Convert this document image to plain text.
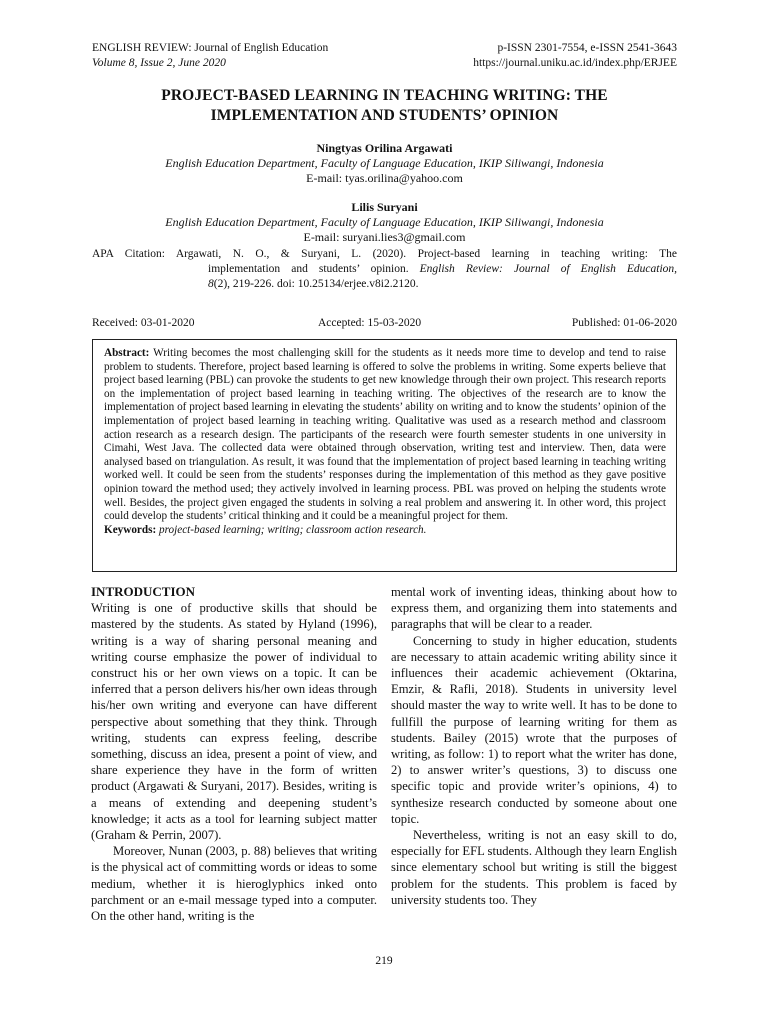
ENGLISH REVIEW: Journal of English Education
Volume 8, Issue 2, June 2020
p-ISSN 2301-7554, e-ISSN 2541-3643
https://journal.uniku.ac.id/index.php/ERJEE
PROJECT-BASED LEARNING IN TEACHING WRITING: THE
IMPLEMENTATION AND STUDENTS’ OPINION
Ningtyas Orilina Argawati
English Education Department, Faculty of Language Education, IKIP Siliwangi, Indonesia
E-mail: tyas.orilina@yahoo.com
Lilis Suryani
English Education Department, Faculty of Language Education, IKIP Siliwangi, Indonesia
E-mail: suryani.lies3@gmail.com
APA Citation: Argawati, N. O., & Suryani, L. (2020). Project-based learning in teaching writing: The
implementation and students’ opinion. English Review: Journal of English Education,
8(2), 219-226. doi: 10.25134/erjee.v8i2.2120.
Received: 03-01-2020	Accepted: 15-03-2020	Published: 01-06-2020
Abstract: Writing becomes the most challenging skill for the students as it needs more time to develop and tend to raise problem to students. Therefore, project based learning is offered to solve the problems in writing. Some experts believe that project based learning (PBL) can provoke the students to get new knowledge through their own project. This research reports on the implementation of project based learning in teaching writing. The objectives of the research are to know the implementation of project based learning in elevating the students’ ability on writing and to know the students’ opinion of the implementation of project based learning in teaching writing. Qualitative was used as a research method and classroom action research as a research design. The participants of the research were fourth semester students in one university in Cimahi, West Java. The collected data were obtained through observation, writing test and interview. Then, data were analysed based on triangulation. As result, it was found that the implementation of project based learning in teaching writing worked well. It could be seen from the students’ responses during the implementation of this method as they gave positive opinion toward the method used; they actively involved in learning process. PBL was proved on helping the students wrote well. Besides, the project given engaged the students in solving a real problem and answering it. In other word, this project could develop the students’ critical thinking and it could be a meaningful project for them.
Keywords: project-based learning; writing; classroom action research.
INTRODUCTION

Writing is one of productive skills that should be mastered by the students. As stated by Hyland (1996), writing is a way of sharing personal meaning and writing course emphasize the power of individual to construct his or her own views on a topic. It can be inferred that a person delivers his/her own ideas through his/her own writing and everyone can have different perspective about something that they think. Through writing, students can express feeling, describe something, discuss an idea, present a point of view, and share experience they have in the form of written product (Argawati & Suryani, 2017). Besides, writing is a means of extending and deepening student’s knowledge; it acts as a tool for learning subject matter (Graham & Perrin, 2007).

Moreover, Nunan (2003, p. 88) believes that writing is the physical act of committing words or ideas to some medium, whether it is hieroglyphics inked onto parchment or an e-mail message typed into a computer. On the other hand, writing is the

mental work of inventing ideas, thinking about how to express them, and organizing them into statements and paragraphs that will be clear to a reader.

Concerning to study in higher education, students are necessary to attain academic writing ability since it influences their academic achievement (Oktarina, Emzir, & Rafli, 2018). Students in university level should master the way to write well. It has to be done to fullfill the purpose of learning writing for them as students. Bailey (2015) wrote that the purposes of writing, as follow: 1) to report what the writer has done, 2) to answer writer’s questions, 3) to discuss one specific topic and provide writer’s opinions, 4) to synthesize research conducted by someone about one topic.

Nevertheless, writing is not an easy skill to do, especially for EFL students. Although they learn English since elementary school but writing is still the biggest problem for the students. This problem is faced by university students too. They

219
